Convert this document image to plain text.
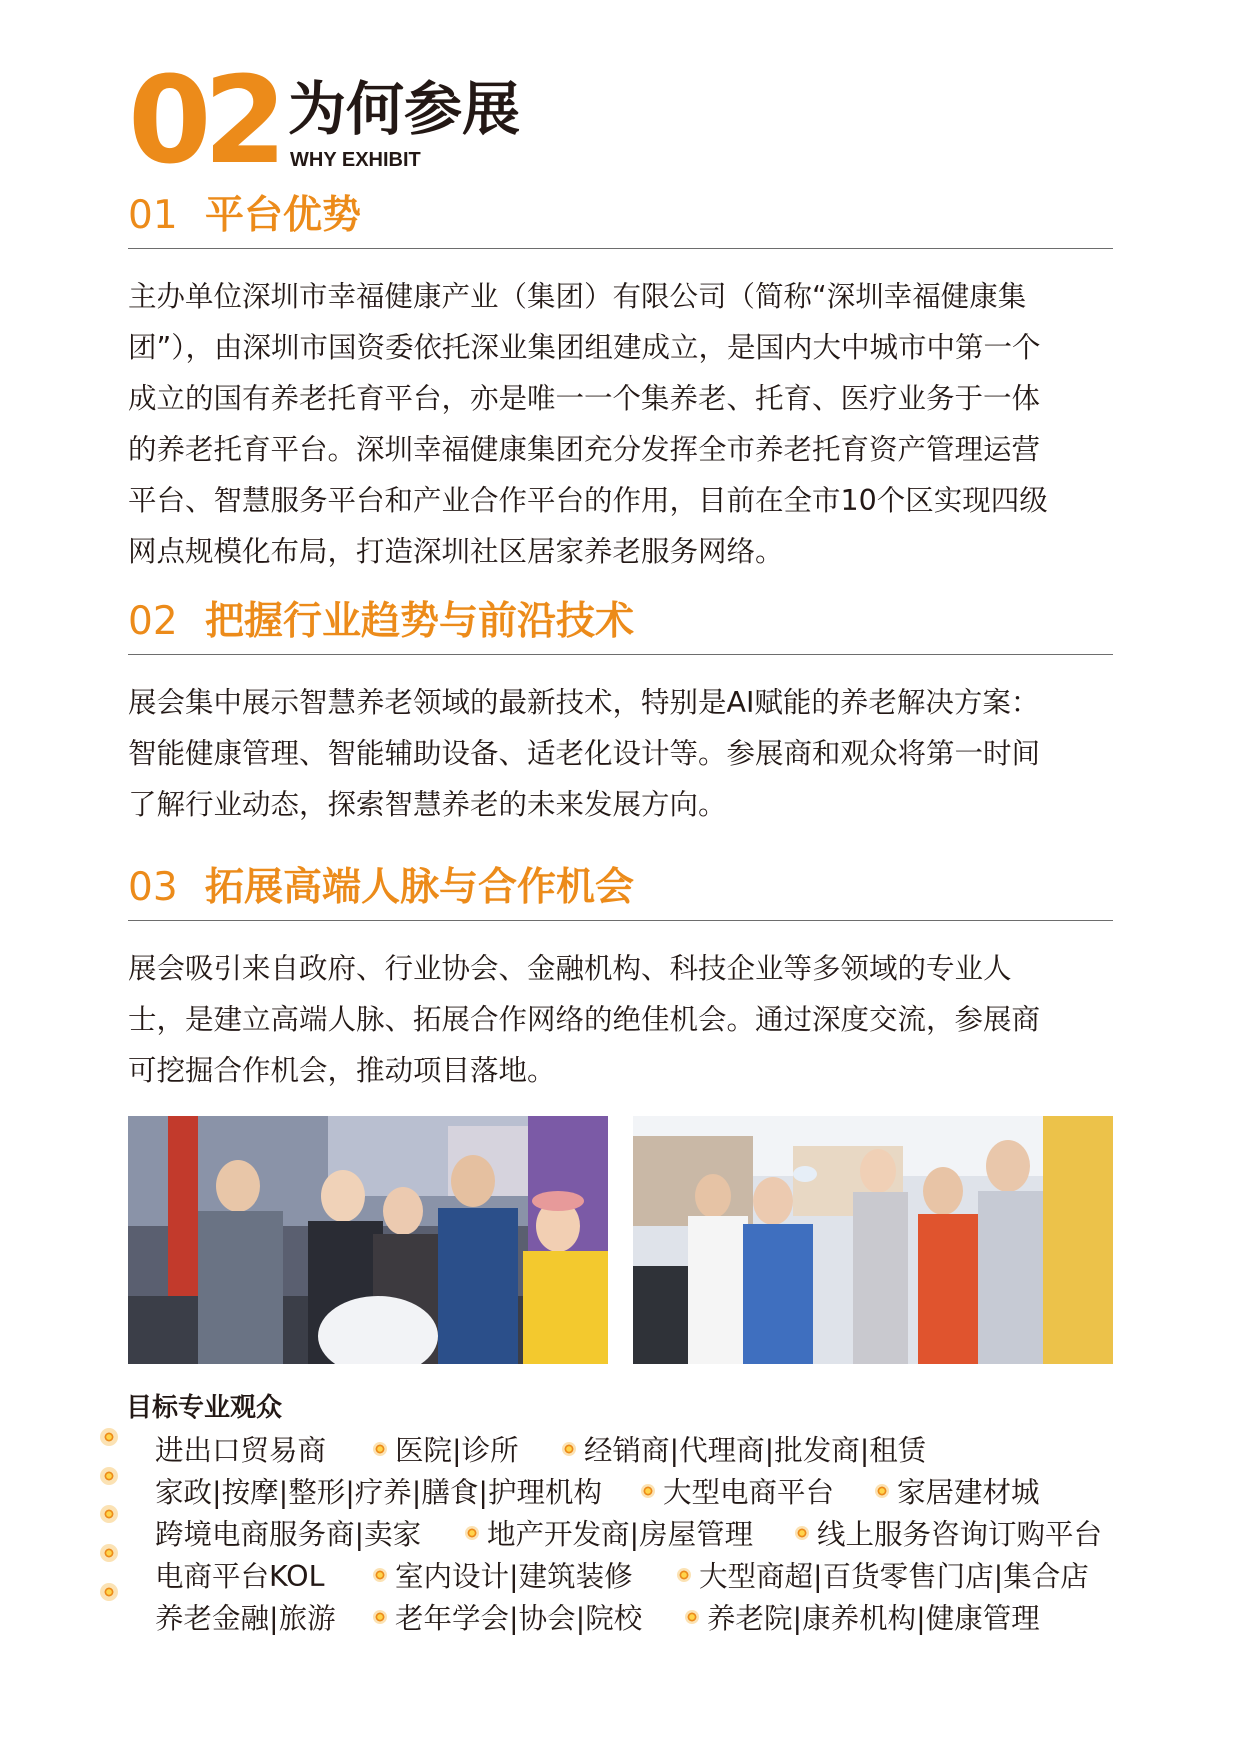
02 为何参展
WHY EXHIBIT
01 平台优势
主办单位深圳市幸福健康产业（集团）有限公司（简称“深圳幸福健康集
团”），由深圳市国资委依托深业集团组建成立，是国内大中城市中第一个
成立的国有养老托育平台，亦是唯一一个集养老、托育、医疗业务于一体
的养老托育平台。深圳幸福健康集团充分发挥全市养老托育资产管理运营
平台、智慧服务平台和产业合作平台的作用，目前在全市10个区实现四级
网点规模化布局，打造深圳社区居家养老服务网络。
02 把握行业趋势与前沿技术
展会集中展示智慧养老领域的最新技术，特别是AI赋能的养老解决方案：
智能健康管理、智能辅助设备、适老化设计等。参展商和观众将第一时间
了解行业动态，探索智慧养老的未来发展方向。
03 拓展高端人脉与合作机会
展会吸引来自政府、行业协会、金融机构、科技企业等多领域的专业人
士，是建立高端人脉、拓展合作网络的绝佳机会。通过深度交流，参展商
可挖掘合作机会，推动项目落地。
目标专业观众
进出口贸易商	医院|诊所	经销商|代理商|批发商|租赁
家政|按摩|整形|疗养|膳食|护理机构	大型电商平台	家居建材城
跨境电商服务商|卖家	地产开发商|房屋管理	线上服务咨询订购平台
电商平台KOL	室内设计|建筑装修	大型商超|百货零售门店|集合店
养老金融|旅游	老年学会|协会|院校	养老院|康养机构|健康管理
